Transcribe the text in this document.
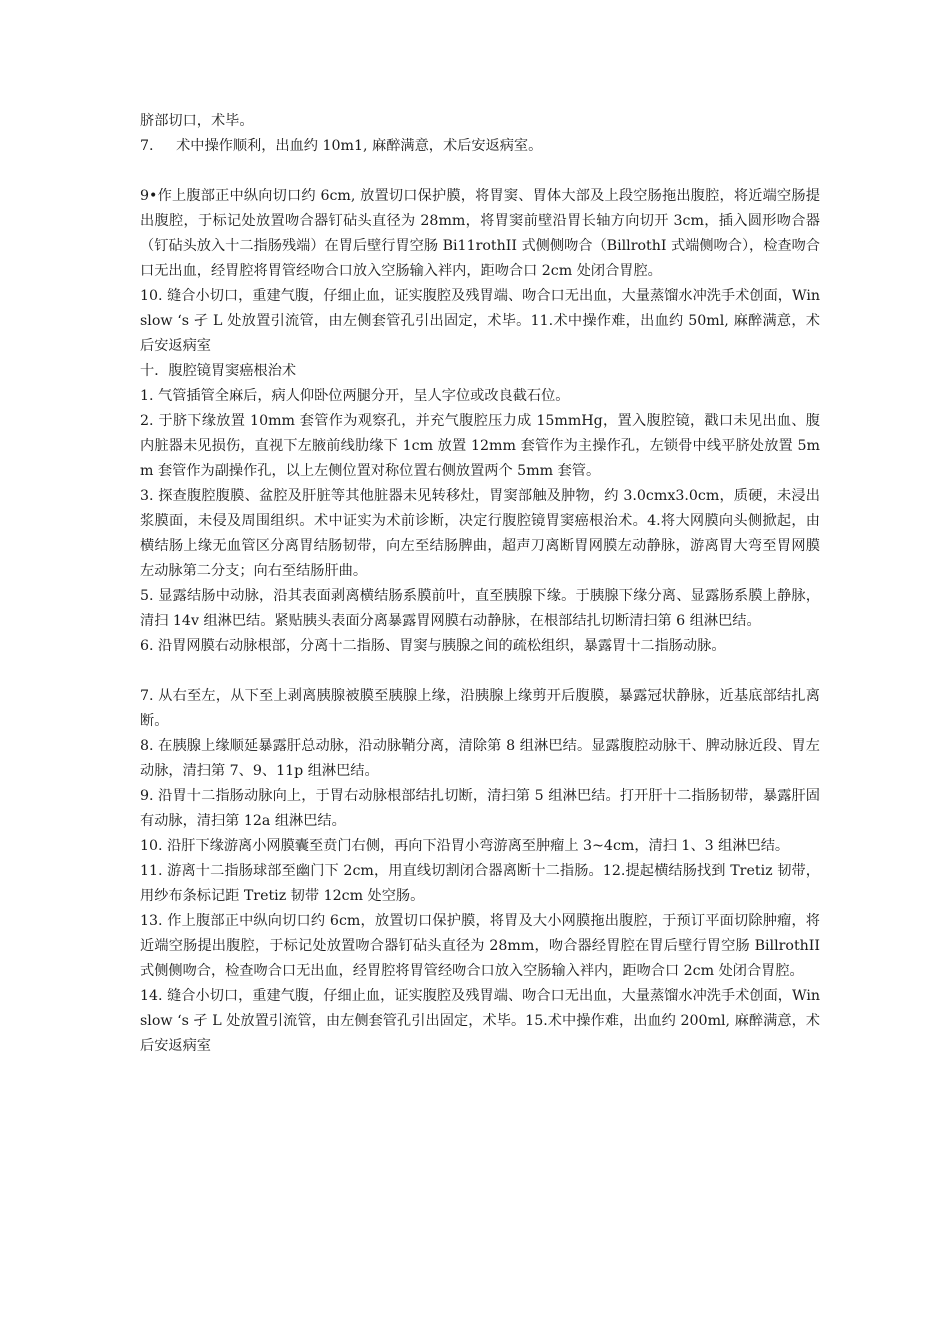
脐部切口，术毕。

7.     术中操作顺利，出血约 10m1, 麻醉满意，术后安返病室。

9•作上腹部正中纵向切口约 6cm, 放置切口保护膜，将胃窦、胃体大部及上段空肠拖出腹腔，将近端空肠提出腹腔，于标记处放置吻合器钉砧头直径为 28mm，将胃窦前壁沿胃长轴方向切开 3cm，插入圆形吻合器（钉砧头放入十二指肠残端）在胃后壁行胃空肠 Bi11rothII 式侧侧吻合（BillrothI 式端侧吻合），检查吻合口无出血，经胃腔将胃管经吻合口放入空肠输入袢内，距吻合口 2cm 处闭合胃腔。

10. 缝合小切口，重建气腹，仔细止血，证实腹腔及残胃端、吻合口无出血，大量蒸馏水冲洗手术创面，Winslow ‘s 孑 L 处放置引流管，由左侧套管孔引出固定，术毕。11.术中操作难，出血约 50ml, 麻醉满意，术后安返病室

十．腹腔镜胃窦癌根治术

1. 气管插管全麻后，病人仰卧位两腿分开，呈人字位或改良截石位。

2. 于脐下缘放置 10mm 套管作为观察孔，并充气腹腔压力成 15mmHg，置入腹腔镜，戳口未见出血、腹内脏器未见损伤，直视下左腋前线肋缘下 1cm 放置 12mm 套管作为主操作孔，左锁骨中线平脐处放置 5mm 套管作为副操作孔，以上左侧位置对称位置右侧放置两个 5mm 套管。

3. 探查腹腔腹膜、盆腔及肝脏等其他脏器未见转移灶，胃窦部触及肿物，约 3.0cmx3.0cm，质硬，未浸出浆膜面，未侵及周围组织。术中证实为术前诊断，决定行腹腔镜胃窦癌根治术。4.将大网膜向头侧掀起，由横结肠上缘无血管区分离胃结肠韧带，向左至结肠脾曲，超声刀离断胃网膜左动静脉，游离胃大弯至胃网膜左动脉第二分支；向右至结肠肝曲。

5. 显露结肠中动脉，沿其表面剥离横结肠系膜前叶，直至胰腺下缘。于胰腺下缘分离、显露肠系膜上静脉，清扫 14v 组淋巴结。紧贴胰头表面分离暴露胃网膜右动静脉，在根部结扎切断清扫第 6 组淋巴结。

6. 沿胃网膜右动脉根部，分离十二指肠、胃窦与胰腺之间的疏松组织，暴露胃十二指肠动脉。

7. 从右至左，从下至上剥离胰腺被膜至胰腺上缘，沿胰腺上缘剪开后腹膜，暴露冠状静脉，近基底部结扎离断。

8. 在胰腺上缘顺延暴露肝总动脉，沿动脉鞘分离，清除第 8 组淋巴结。显露腹腔动脉干、脾动脉近段、胃左动脉，清扫第 7、9、11p 组淋巴结。

9. 沿胃十二指肠动脉向上，于胃右动脉根部结扎切断，清扫第 5 组淋巴结。打开肝十二指肠韧带，暴露肝固有动脉，清扫第 12a 组淋巴结。

10. 沿肝下缘游离小网膜囊至贲门右侧，再向下沿胃小弯游离至肿瘤上 3~4cm，清扫 1、3 组淋巴结。

11. 游离十二指肠球部至幽门下 2cm，用直线切割闭合器离断十二指肠。12.提起横结肠找到 Tretiz 韧带，用纱布条标记距 Tretiz 韧带 12cm 处空肠。

13. 作上腹部正中纵向切口约 6cm，放置切口保护膜，将胃及大小网膜拖出腹腔，于预订平面切除肿瘤，将近端空肠提出腹腔，于标记处放置吻合器钉砧头直径为 28mm，吻合器经胃腔在胃后壁行胃空肠 BillrothII 式侧侧吻合，检查吻合口无出血，经胃腔将胃管经吻合口放入空肠输入袢内，距吻合口 2cm 处闭合胃腔。

14. 缝合小切口，重建气腹，仔细止血，证实腹腔及残胃端、吻合口无出血，大量蒸馏水冲洗手术创面，Winslow ‘s 孑 L 处放置引流管，由左侧套管孔引出固定，术毕。15.术中操作难，出血约 200ml, 麻醉满意，术后安返病室
